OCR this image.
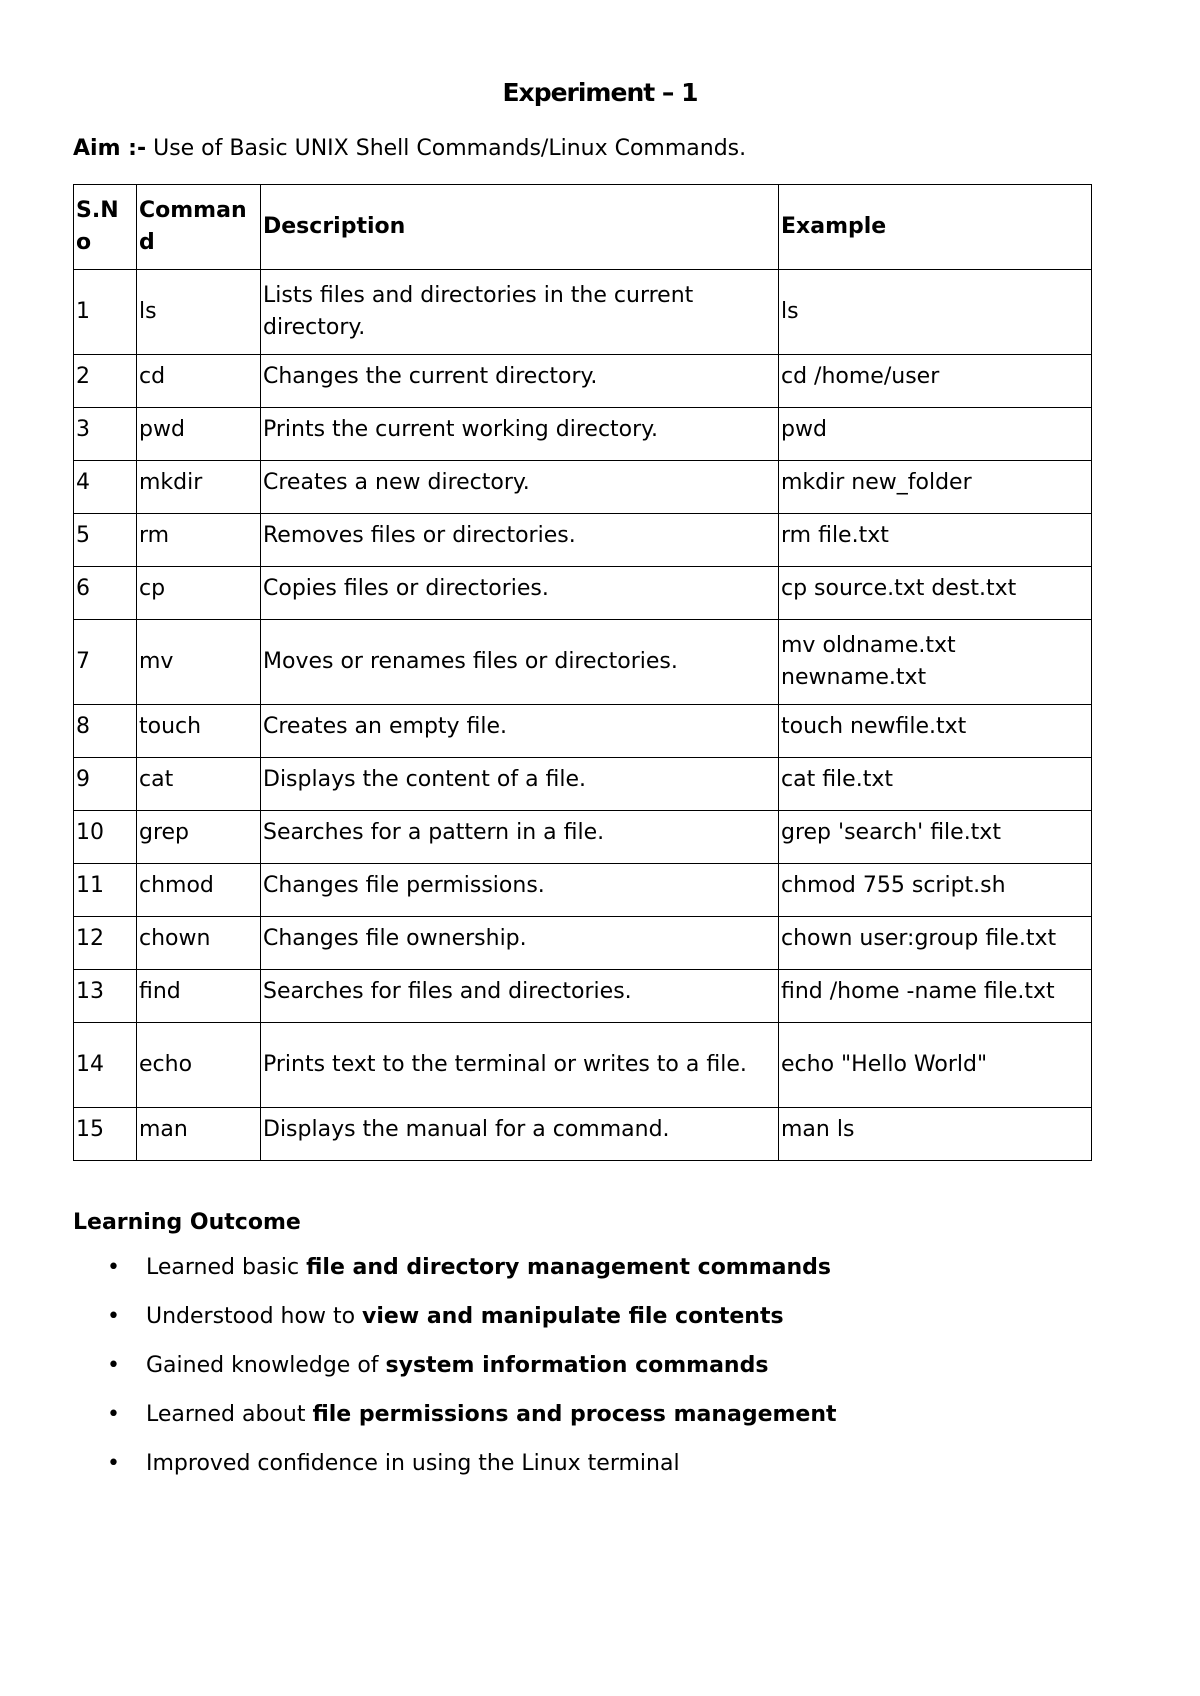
Experiment – 1

Aim :- Use of Basic UNIX Shell Commands/Linux Commands.

S.N o	Comman d	Description	Example
1	ls	Lists files and directories in the current directory.	ls
2	cd	Changes the current directory.	cd /home/user
3	pwd	Prints the current working directory.	pwd
4	mkdir	Creates a new directory.	mkdir new_folder
5	rm	Removes files or directories.	rm file.txt
6	cp	Copies files or directories.	cp source.txt dest.txt
7	mv	Moves or renames files or directories.	mv oldname.txt newname.txt
8	touch	Creates an empty file.	touch newfile.txt
9	cat	Displays the content of a file.	cat file.txt
10	grep	Searches for a pattern in a file.	grep 'search' file.txt
11	chmod	Changes file permissions.	chmod 755 script.sh
12	chown	Changes file ownership.	chown user:group file.txt
13	find	Searches for files and directories.	find /home -name file.txt
14	echo	Prints text to the terminal or writes to a file.	echo "Hello World"
15	man	Displays the manual for a command.	man ls

Learning Outcome

• Learned basic file and directory management commands
• Understood how to view and manipulate file contents
• Gained knowledge of system information commands
• Learned about file permissions and process management
• Improved confidence in using the Linux terminal
